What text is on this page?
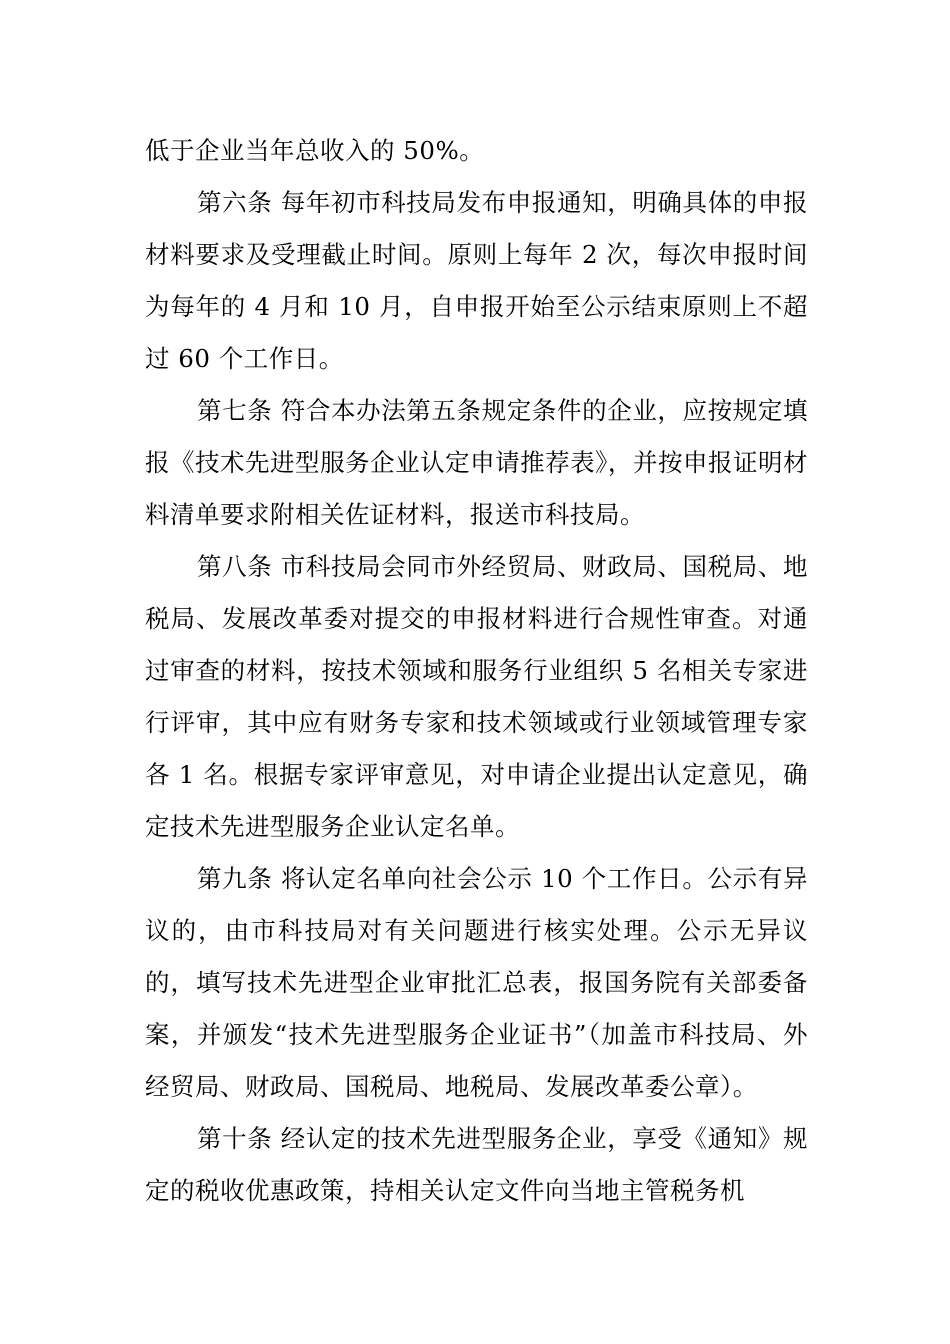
低于企业当年总收入的 50%。

第六条 每年初市科技局发布申报通知，明确具体的申报材料要求及受理截止时间。原则上每年 2 次，每次申报时间为每年的 4 月和 10 月，自申报开始至公示结束原则上不超过 60 个工作日。

第七条 符合本办法第五条规定条件的企业，应按规定填报《技术先进型服务企业认定申请推荐表》，并按申报证明材料清单要求附相关佐证材料，报送市科技局。

第八条 市科技局会同市外经贸局、财政局、国税局、地税局、发展改革委对提交的申报材料进行合规性审查。对通过审查的材料，按技术领域和服务行业组织 5 名相关专家进行评审，其中应有财务专家和技术领域或行业领域管理专家各 1 名。根据专家评审意见，对申请企业提出认定意见，确定技术先进型服务企业认定名单。

第九条 将认定名单向社会公示 10 个工作日。公示有异议的，由市科技局对有关问题进行核实处理。公示无异议的，填写技术先进型企业审批汇总表，报国务院有关部委备案，并颁发“技术先进型服务企业证书”（加盖市科技局、外经贸局、财政局、国税局、地税局、发展改革委公章）。

第十条 经认定的技术先进型服务企业，享受《通知》规定的税收优惠政策，持相关认定文件向当地主管税务机
